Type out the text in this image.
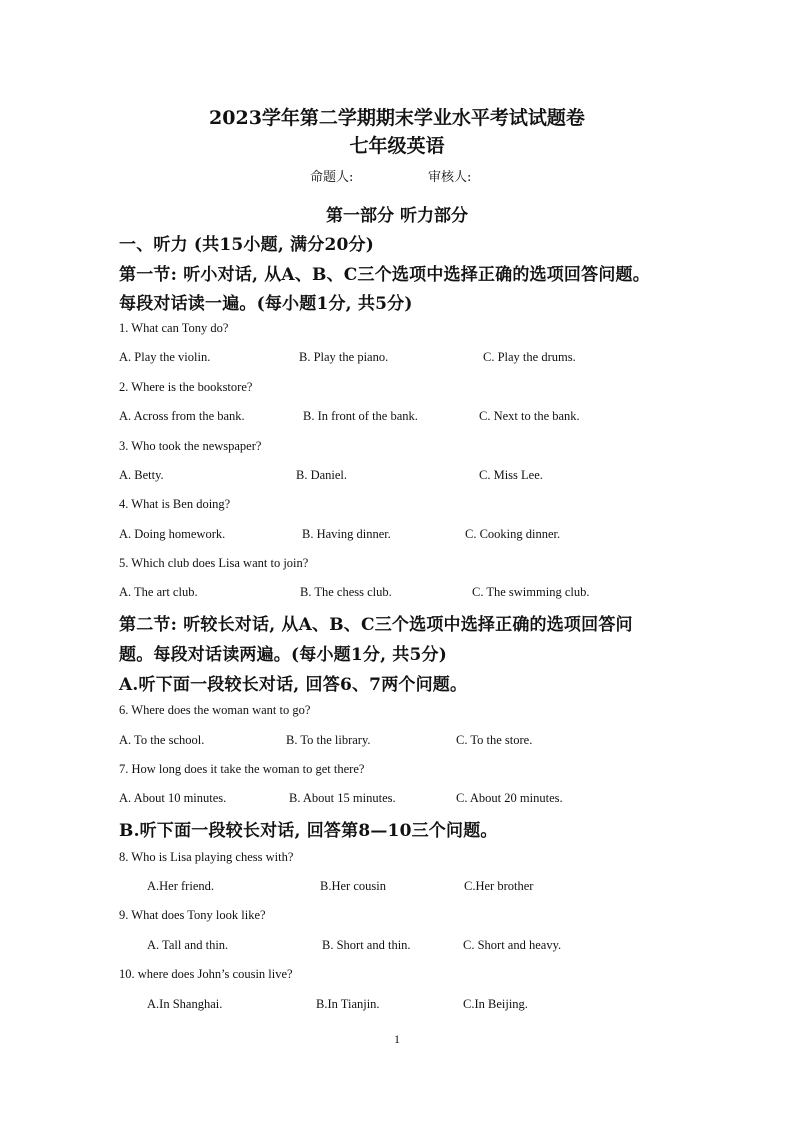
2023学年第二学期期末学业水平考试试题卷
七年级英语
命题人:	审核人:
第一部分 听力部分
一、听力 (共15小题, 满分20分)
第一节: 听小对话, 从A、B、C三个选项中选择正确的选项回答问题。
每段对话读一遍。(每小题1分, 共5分)
1. What can Tony do?
A. Play the violin.	B. Play the piano.	C. Play the drums.
2. Where is the bookstore?
A. Across from the bank.	B. In front of the bank.	C. Next to the bank.
3. Who took the newspaper?
A. Betty.	B. Daniel.	C. Miss Lee.
4. What is Ben doing?
A. Doing homework.	B. Having dinner.	C. Cooking dinner.
5. Which club does Lisa want to join?
A. The art club.	B. The chess club.	C. The swimming club.
第二节: 听较长对话, 从A、B、C三个选项中选择正确的选项回答问
题。每段对话读两遍。(每小题1分, 共5分)
A.听下面一段较长对话, 回答6、7两个问题。
6. Where does the woman want to go?
A. To the school.	B. To the library.	C. To the store.
7. How long does it take the woman to get there?
A. About 10 minutes.	B. About 15 minutes.	C. About 20 minutes.
B.听下面一段较长对话, 回答第8—10三个问题。
8. Who is Lisa playing chess with?
A.Her friend.	B.Her cousin	C.Her brother
9. What does Tony look like?
A. Tall and thin.	B. Short and thin.	C. Short and heavy.
10. where does John’s cousin live?
A.In Shanghai.	B.In Tianjin.	C.In Beijing.
1
